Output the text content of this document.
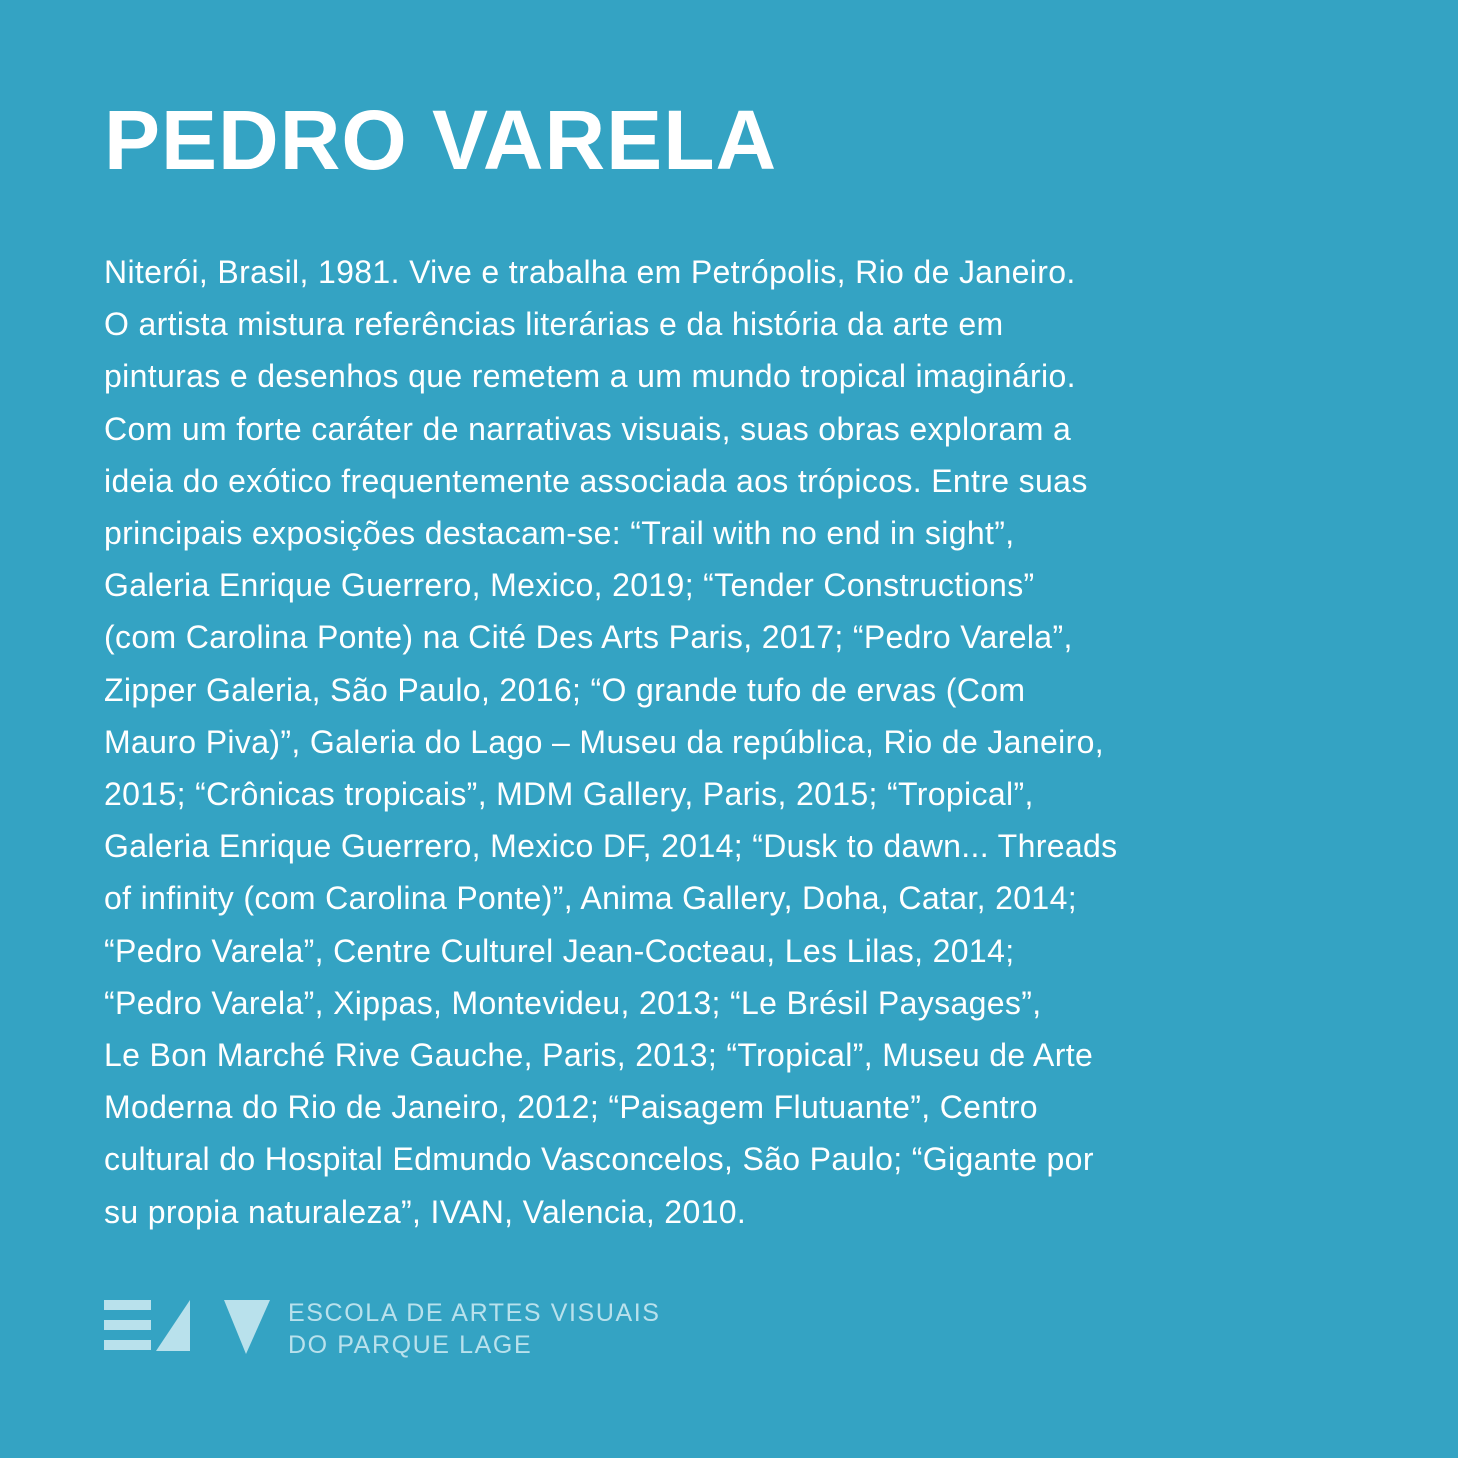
PEDRO VARELA
Niterói, Brasil, 1981. Vive e trabalha em Petrópolis, Rio de Janeiro.
O artista mistura referências literárias e da história da arte em
pinturas e desenhos que remetem a um mundo tropical imaginário.
Com um forte caráter de narrativas visuais, suas obras exploram a
ideia do exótico frequentemente associada aos trópicos. Entre suas
principais exposições destacam-se: “Trail with no end in sight”,
Galeria Enrique Guerrero, Mexico, 2019; “Tender Constructions”
(com Carolina Ponte) na Cité Des Arts Paris, 2017; “Pedro Varela”,
Zipper Galeria, São Paulo, 2016; “O grande tufo de ervas (Com
Mauro Piva)”, Galeria do Lago – Museu da república, Rio de Janeiro,
2015; “Crônicas tropicais”, MDM Gallery, Paris, 2015; “Tropical”,
Galeria Enrique Guerrero, Mexico DF, 2014; “Dusk to dawn... Threads
of infinity (com Carolina Ponte)”, Anima Gallery, Doha, Catar, 2014;
“Pedro Varela”, Centre Culturel Jean-Cocteau, Les Lilas, 2014;
“Pedro Varela”, Xippas, Montevideu, 2013; “Le Brésil Paysages”,
Le Bon Marché Rive Gauche, Paris, 2013; “Tropical”, Museu de Arte
Moderna do Rio de Janeiro, 2012; “Paisagem Flutuante”, Centro
cultural do Hospital Edmundo Vasconcelos, São Paulo; “Gigante por
su propia naturaleza”, IVAN, Valencia, 2010.
ESCOLA DE ARTES VISUAIS
DO PARQUE LAGE
